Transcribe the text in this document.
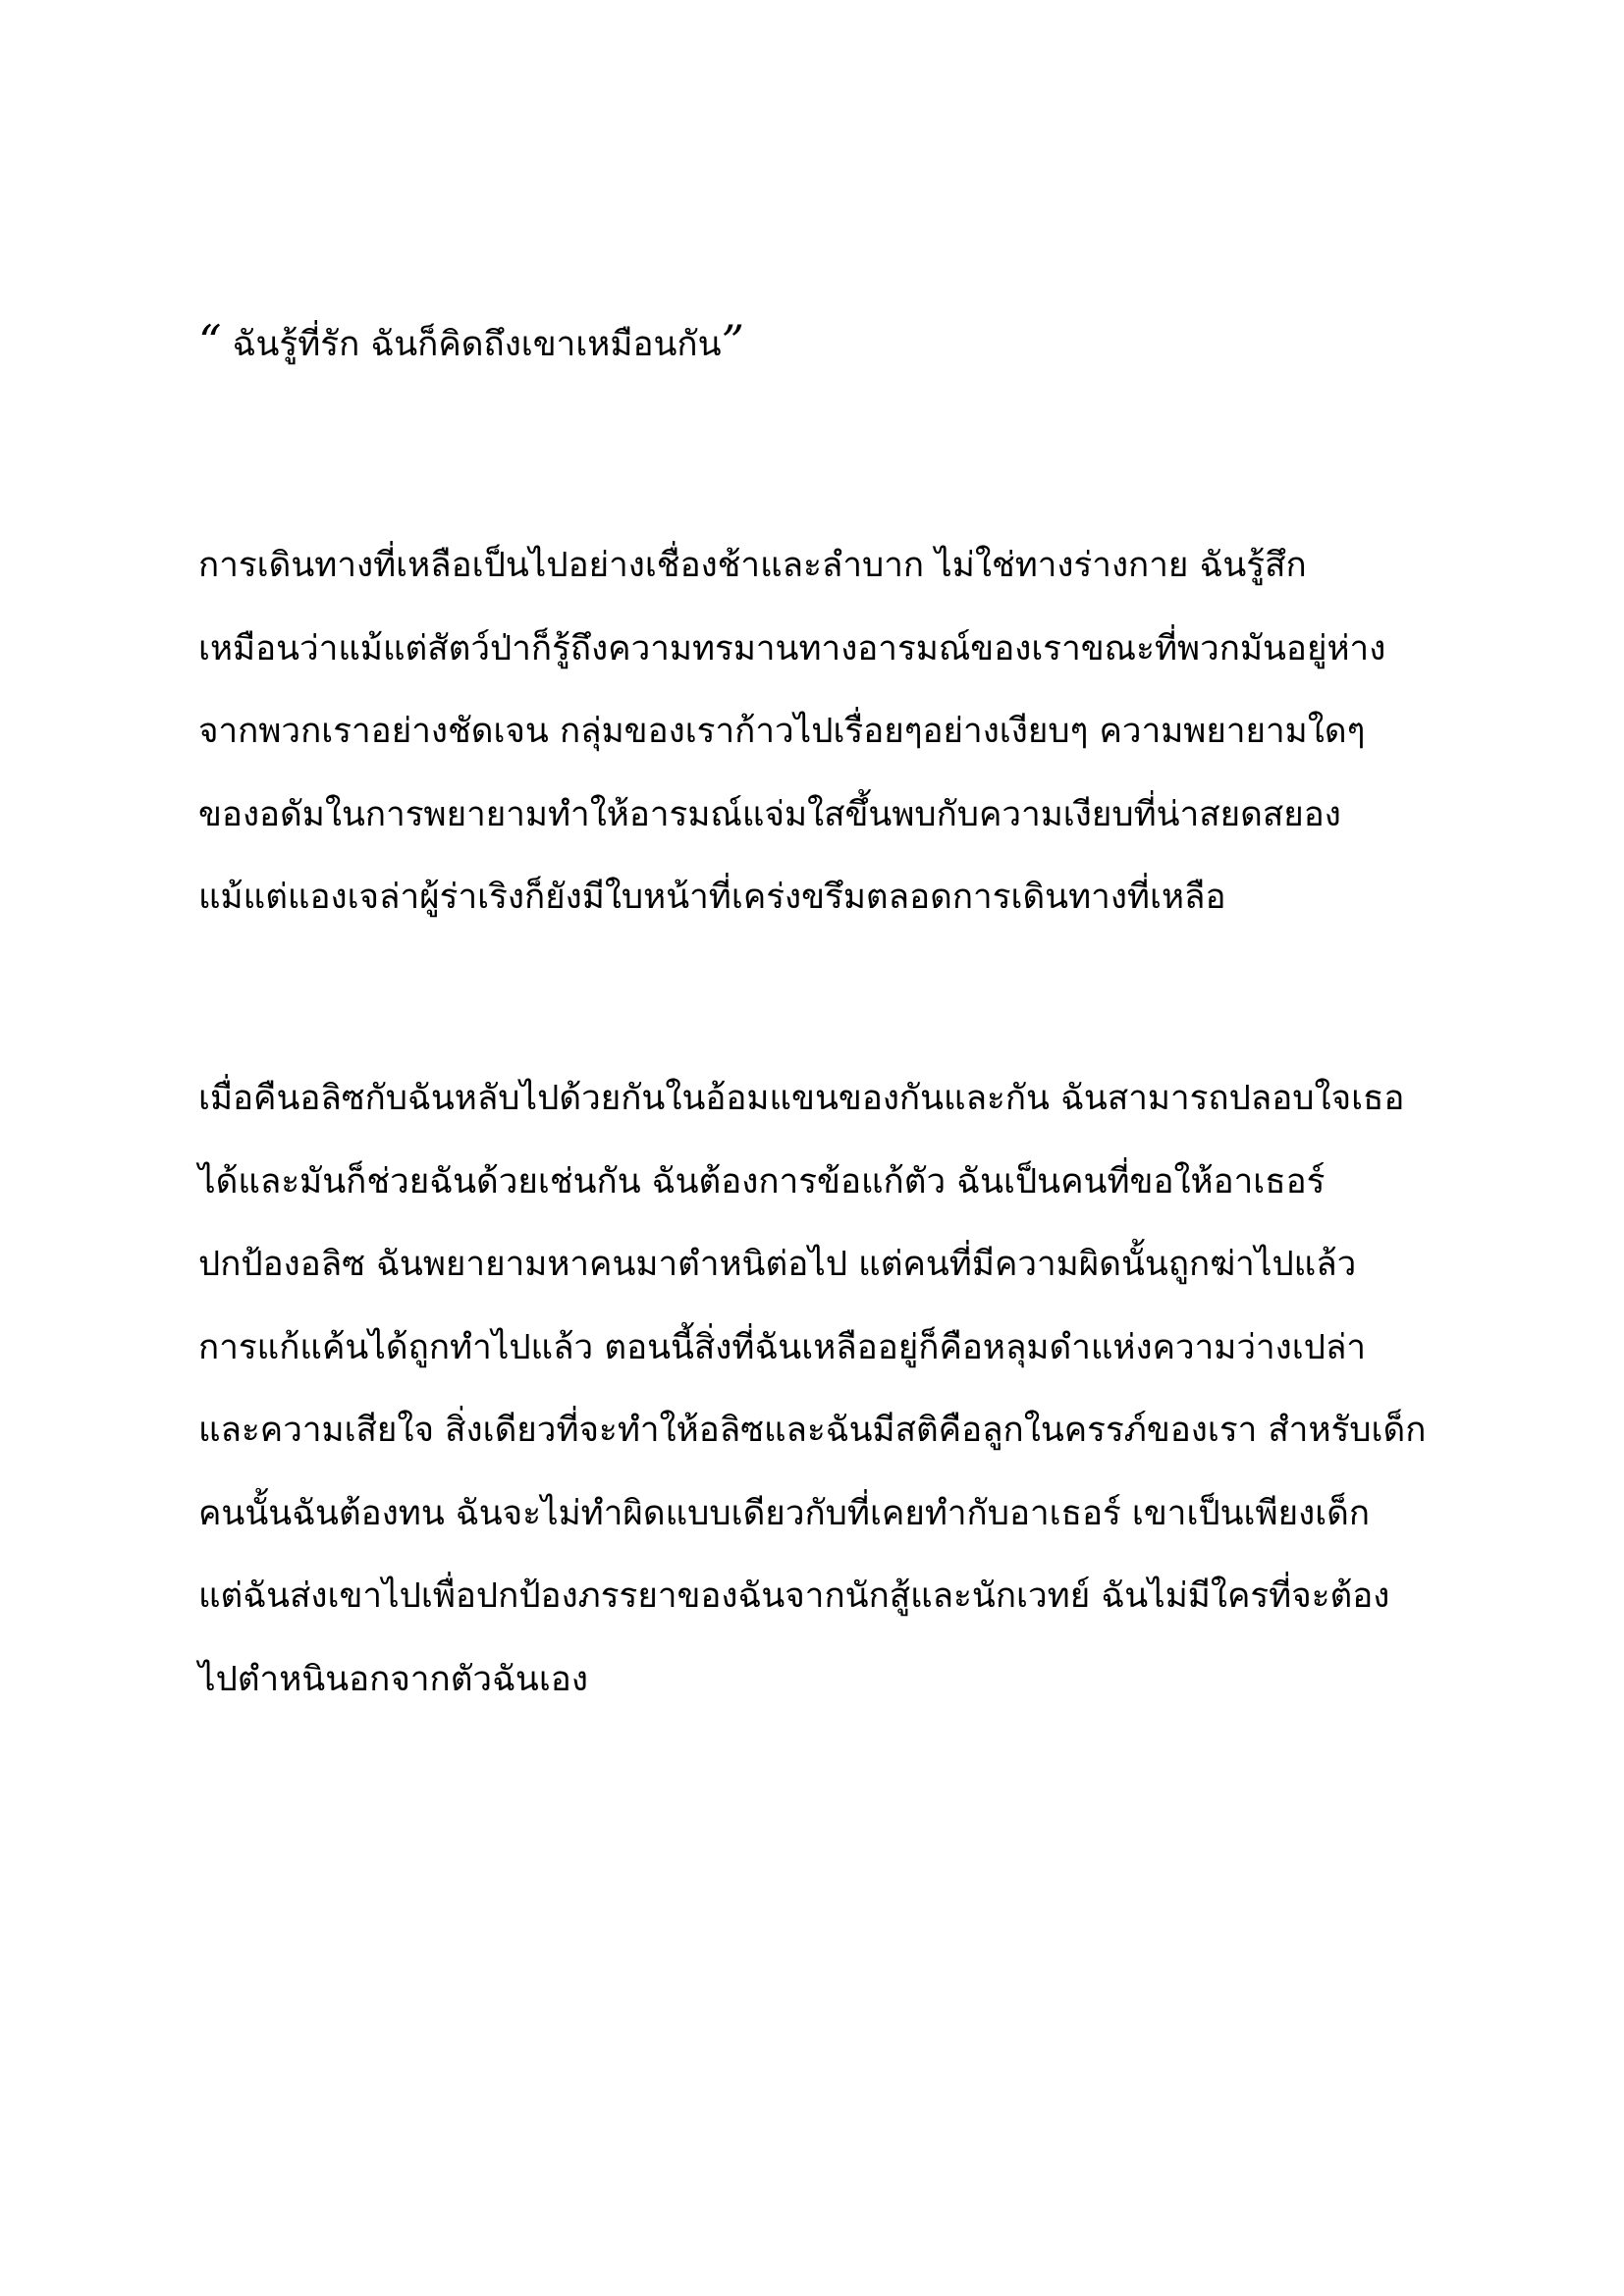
“ ฉันรู้ที่รัก ฉันก็คิดถึงเขาเหมือนกัน”
การเดินทางที่เหลือเป็นไปอย่างเชื่องช้าและลำบาก ไม่ใช่ทางร่างกาย ฉันรู้สึก
เหมือนว่าแม้แต่สัตว์ป่าก็รู้ถึงความทรมานทางอารมณ์ของเราขณะที่พวกมันอยู่ห่าง
จากพวกเราอย่างชัดเจน กลุ่มของเราก้าวไปเรื่อยๆอย่างเงียบๆ ความพยายามใดๆ
ของอดัมในการพยายามทำให้อารมณ์แจ่มใสขึ้นพบกับความเงียบที่น่าสยดสยอง
แม้แต่แองเจล่าผู้ร่าเริงก็ยังมีใบหน้าที่เคร่งขรึมตลอดการเดินทางที่เหลือ
เมื่อคืนอลิซกับฉันหลับไปด้วยกันในอ้อมแขนของกันและกัน ฉันสามารถปลอบใจเธอ
ได้และมันก็ช่วยฉันด้วยเช่นกัน ฉันต้องการข้อแก้ตัว ฉันเป็นคนที่ขอให้อาเธอร์
ปกป้องอลิซ ฉันพยายามหาคนมาตำหนิต่อไป แต่คนที่มีความผิดนั้นถูกฆ่าไปแล้ว
การแก้แค้นได้ถูกทำไปแล้ว ตอนนี้สิ่งที่ฉันเหลืออยู่ก็คือหลุมดำแห่งความว่างเปล่า
และความเสียใจ สิ่งเดียวที่จะทำให้อลิซและฉันมีสติคือลูกในครรภ์ของเรา สำหรับเด็ก
คนนั้นฉันต้องทน ฉันจะไม่ทำผิดแบบเดียวกับที่เคยทำกับอาเธอร์ เขาเป็นเพียงเด็ก
แต่ฉันส่งเขาไปเพื่อปกป้องภรรยาของฉันจากนักสู้และนักเวทย์ ฉันไม่มีใครที่จะต้อง
ไปตำหนินอกจากตัวฉันเอง
